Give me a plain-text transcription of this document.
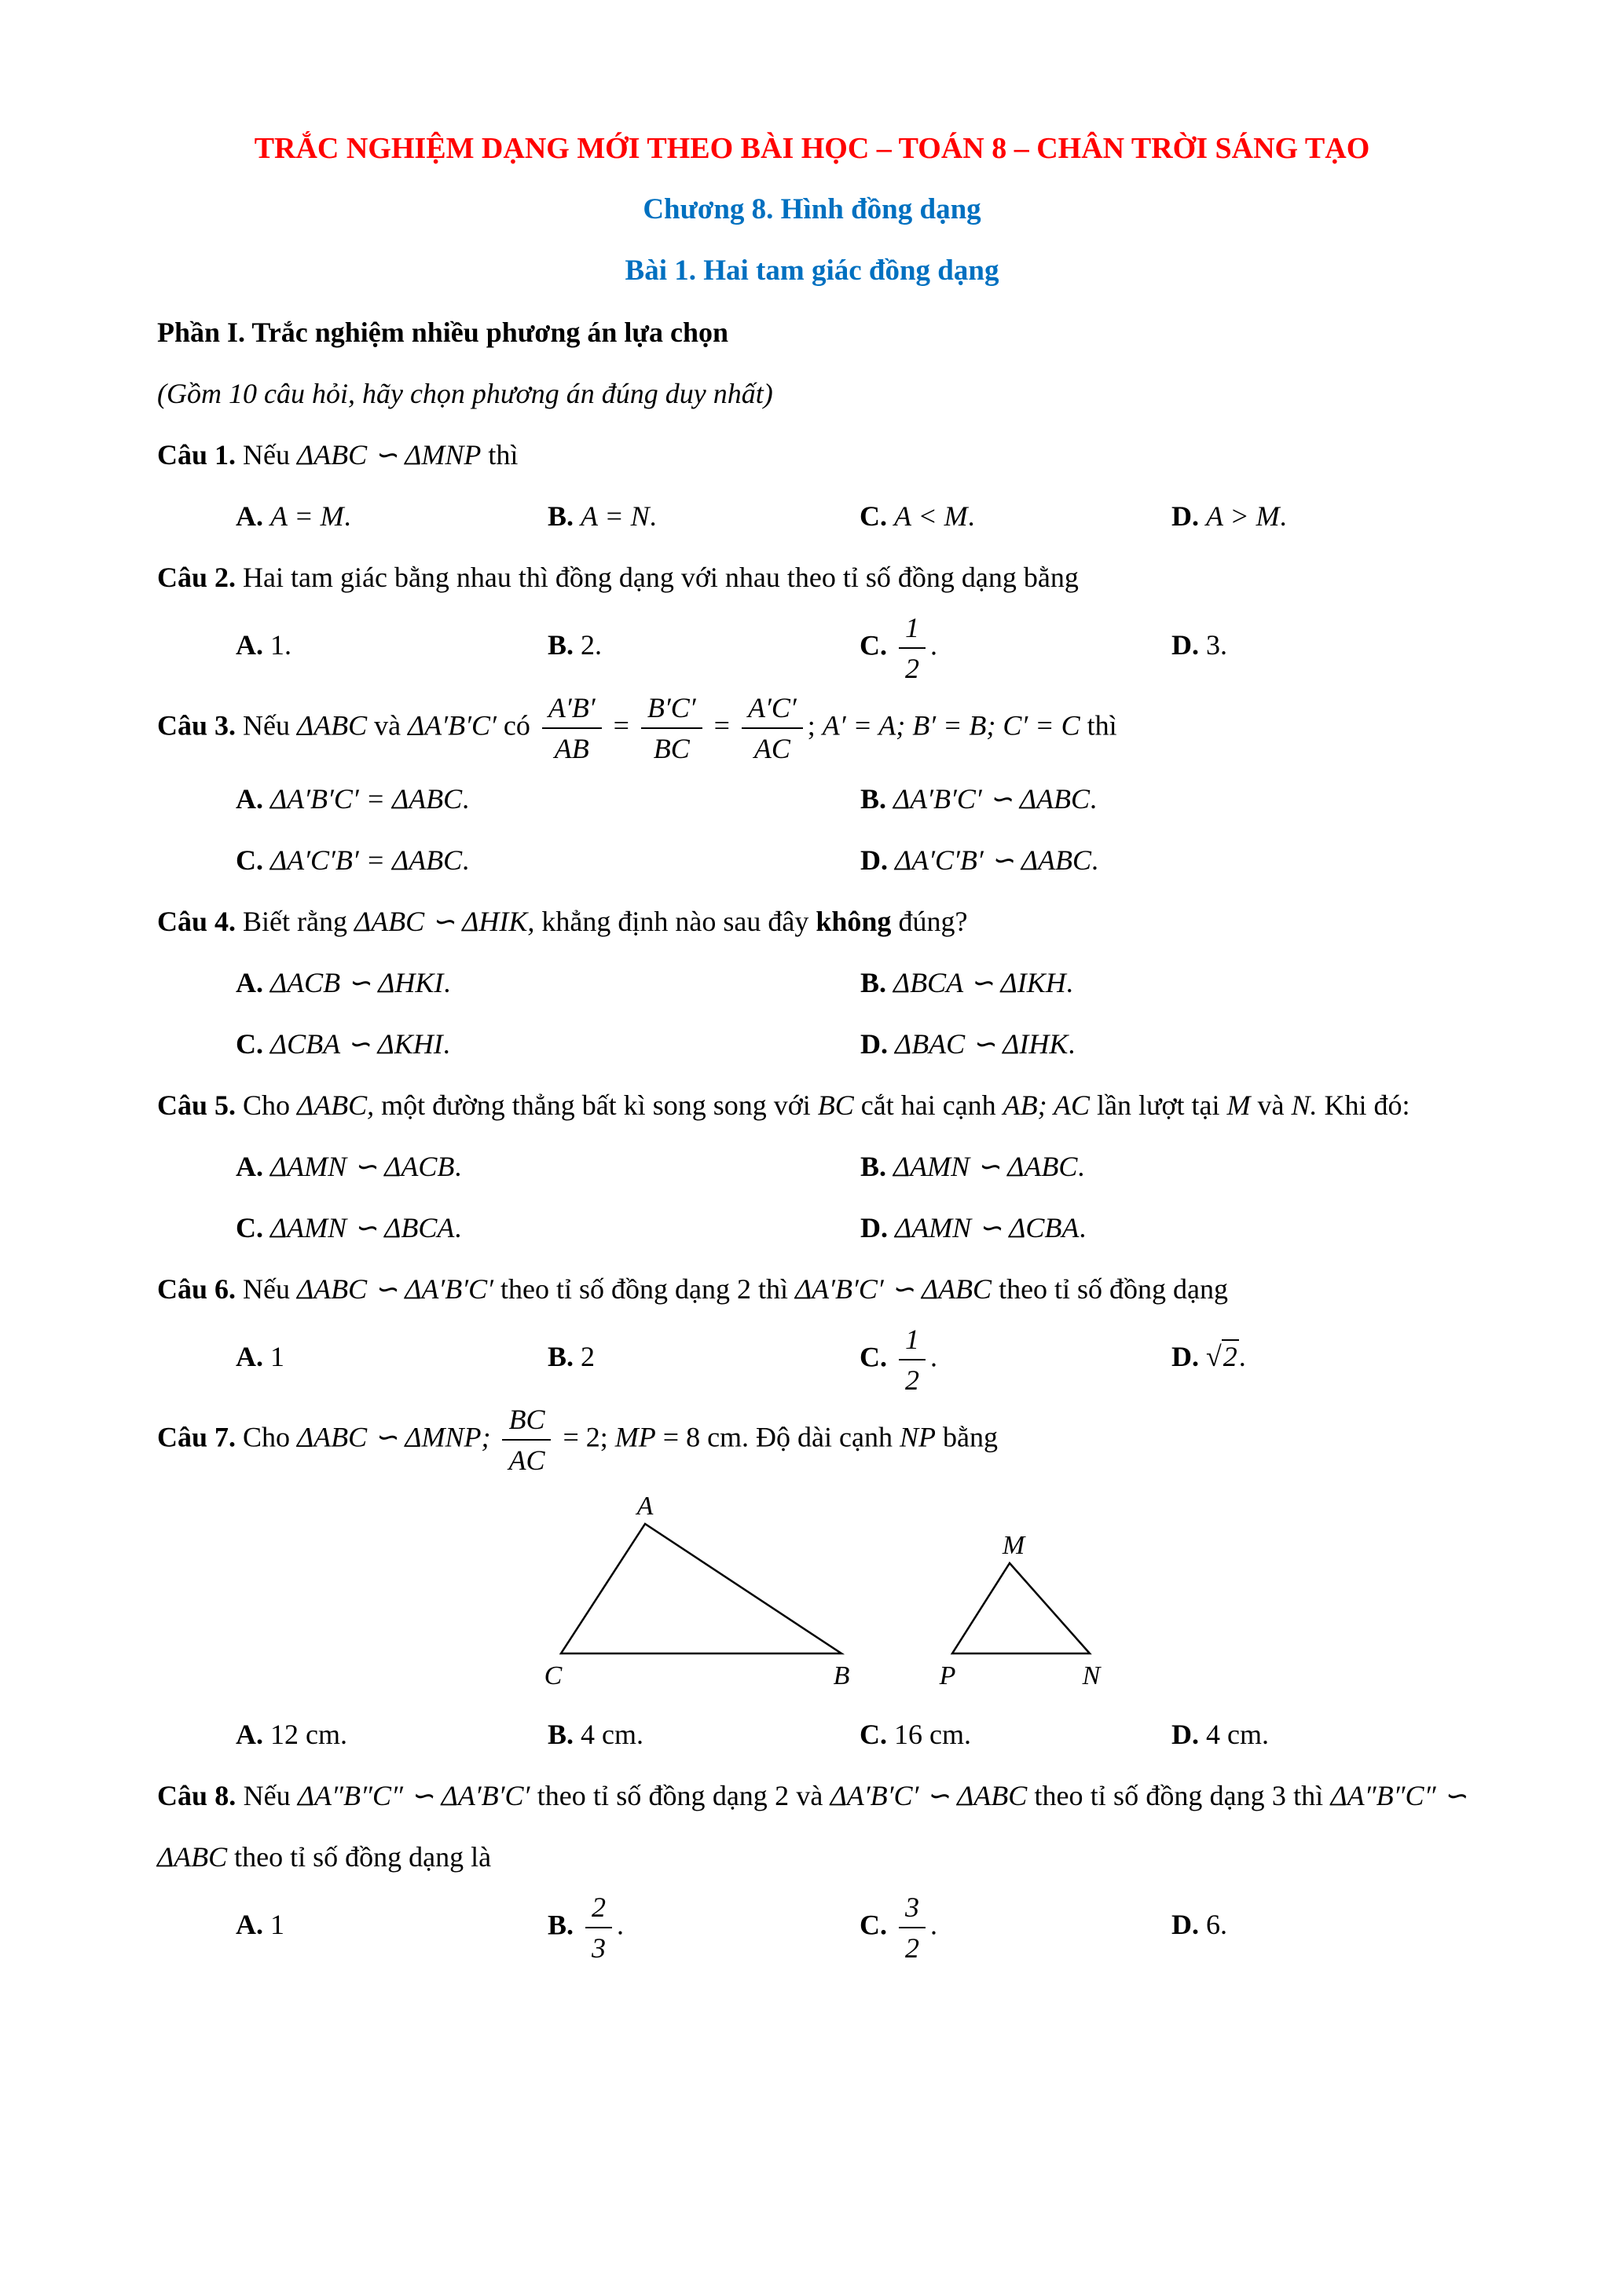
TRẮC NGHIỆM DẠNG MỚI THEO BÀI HỌC – TOÁN 8 – CHÂN TRỜI SÁNG TẠO
Chương 8. Hình đồng dạng
Bài 1. Hai tam giác đồng dạng

Phần I. Trắc nghiệm nhiều phương án lựa chọn

(Gồm 10 câu hỏi, hãy chọn phương án đúng duy nhất)

Câu 1. Nếu ΔABC ∽ ΔMNP thì

A. A = M.	B. A = N.	C. A < M.	D. A > M.

Câu 2. Hai tam giác bằng nhau thì đồng dạng với nhau theo tỉ số đồng dạng bằng

A. 1.	B. 2.	C. $\frac{1}{2}$ .	D. 3.

Câu 3. Nếu ΔABC và ΔA′B′C′ có $\frac{A'B'}{AB} = \frac{B'C'}{BC} = \frac{A'C'}{AC}$ ; A′ = A; B′ = B; C′ = C thì

A. ΔA′B′C′ = ΔABC.	B. ΔA′B′C′ ∽ ΔABC.
C. ΔA′C′B′ = ΔABC.	D. ΔA′C′B′ ∽ ΔABC.

Câu 4. Biết rằng ΔABC ∽ ΔHIK, khẳng định nào sau đây không đúng?

A. ΔACB ∽ ΔHKI.	B. ΔBCA ∽ ΔIKH.
C. ΔCBA ∽ ΔKHI.	D. ΔBAC ∽ ΔIHK.

Câu 5. Cho ΔABC, một đường thẳng bất kì song song với BC cắt hai cạnh AB; AC lần lượt tại M và N. Khi đó:

A. ΔAMN ∽ ΔACB.	B. ΔAMN ∽ ΔABC.
C. ΔAMN ∽ ΔBCA.	D. ΔAMN ∽ ΔCBA.

Câu 6. Nếu ΔABC ∽ ΔA′B′C′ theo tỉ số đồng dạng 2 thì ΔA′B′C′ ∽ ΔABC theo tỉ số đồng dạng

A. 1	B. 2	C. $\frac{1}{2}$ .	D. √2.

Câu 7. Cho ΔABC ∽ ΔMNP; $\frac{BC}{AC} = 2$; MP = 8 cm. Độ dài cạnh NP bằng

A
C	B
M
P	N
A. 12 cm.	B. 4 cm.	C. 16 cm.	D. 4 cm.

Câu 8. Nếu ΔA″B″C″ ∽ ΔA′B′C′ theo tỉ số đồng dạng 2 và ΔA′B′C′ ∽ ΔABC theo tỉ số đồng dạng 3 thì ΔA″B″C″ ∽ ΔABC theo tỉ số đồng dạng là

A. 1	B. $\frac{2}{3}$ .	C. $\frac{3}{2}$ .	D. 6.
